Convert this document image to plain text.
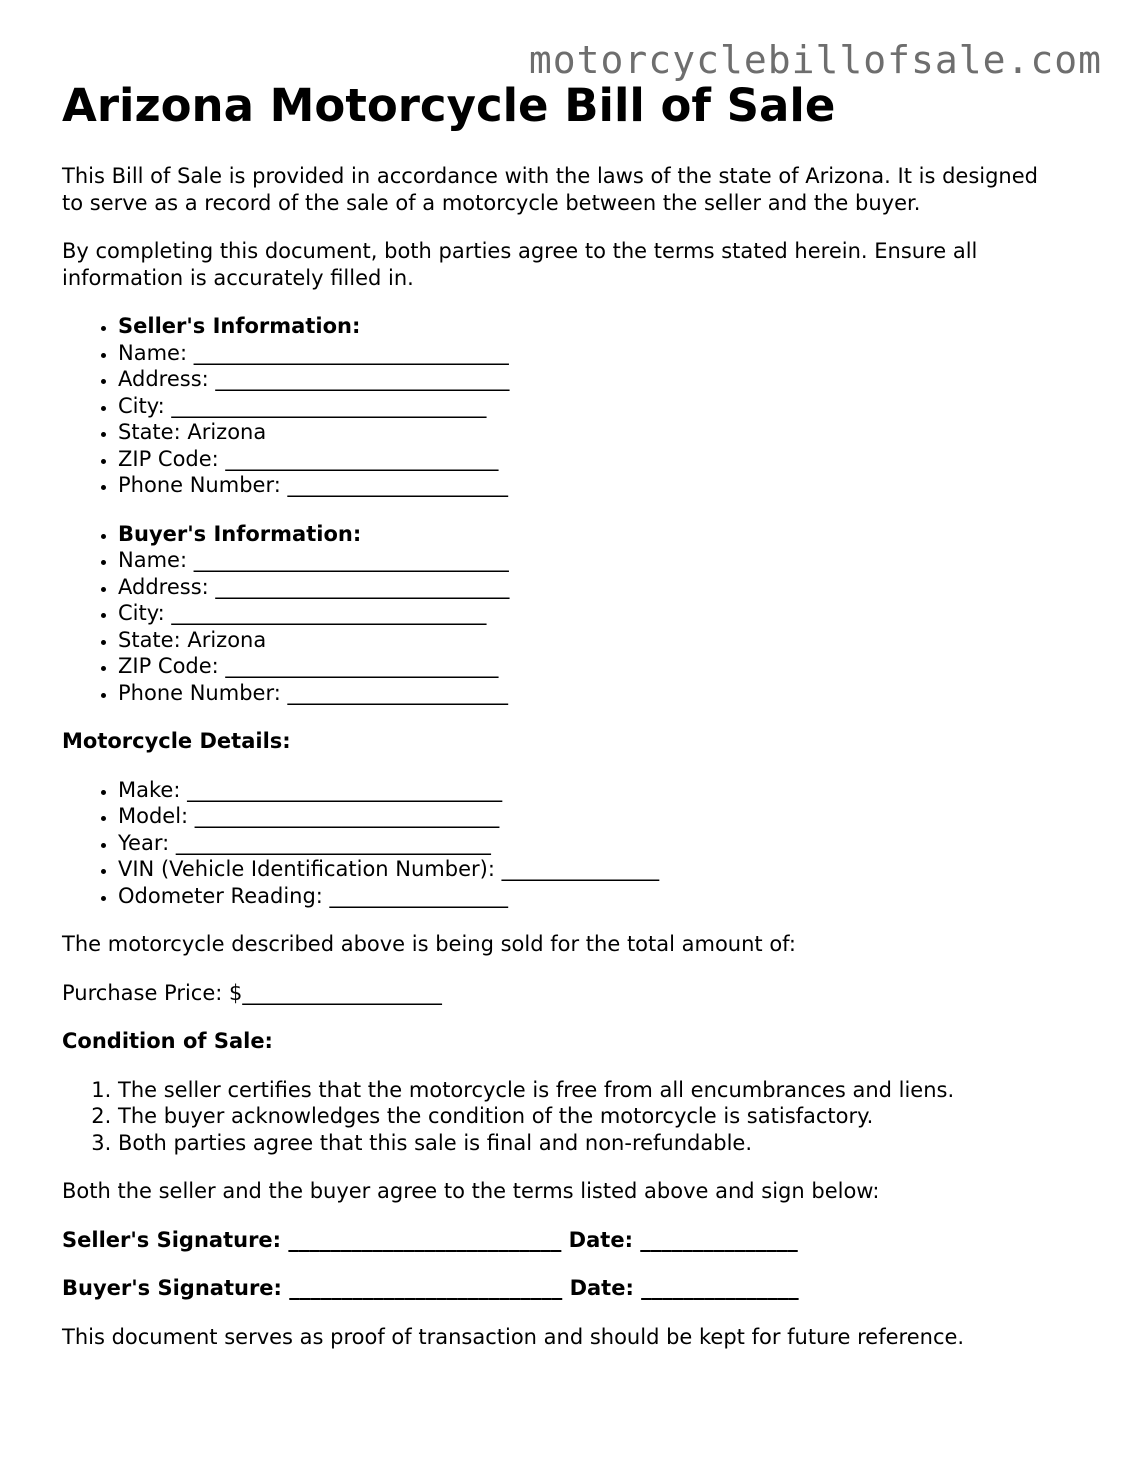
motorcyclebillofsale.com
Arizona Motorcycle Bill of Sale

This Bill of Sale is provided in accordance with the laws of the state of Arizona. It is designed to serve as a record of the sale of a motorcycle between the seller and the buyer.

By completing this document, both parties agree to the terms stated herein. Ensure all information is accurately filled in.

• Seller's Information:
• Name: ______________________________
• Address: ____________________________
• City: ______________________________
• State: Arizona
• ZIP Code: __________________________
• Phone Number: _____________________
• Buyer's Information:
• Name: ______________________________
• Address: ____________________________
• City: ______________________________
• State: Arizona
• ZIP Code: __________________________
• Phone Number: _____________________
Motorcycle Details:
• Make: ______________________________
• Model: _____________________________
• Year: ______________________________
• VIN (Vehicle Identification Number): _______________
• Odometer Reading: _________________

The motorcycle described above is being sold for the total amount of:

Purchase Price: $___________________

Condition of Sale:
1. The seller certifies that the motorcycle is free from all encumbrances and liens.
2. The buyer acknowledges the condition of the motorcycle is satisfactory.
3. Both parties agree that this sale is final and non-refundable.

Both the seller and the buyer agree to the terms listed above and sign below:

Seller's Signature: __________________________ Date: _______________

Buyer's Signature: __________________________ Date: _______________

This document serves as proof of transaction and should be kept for future reference.
